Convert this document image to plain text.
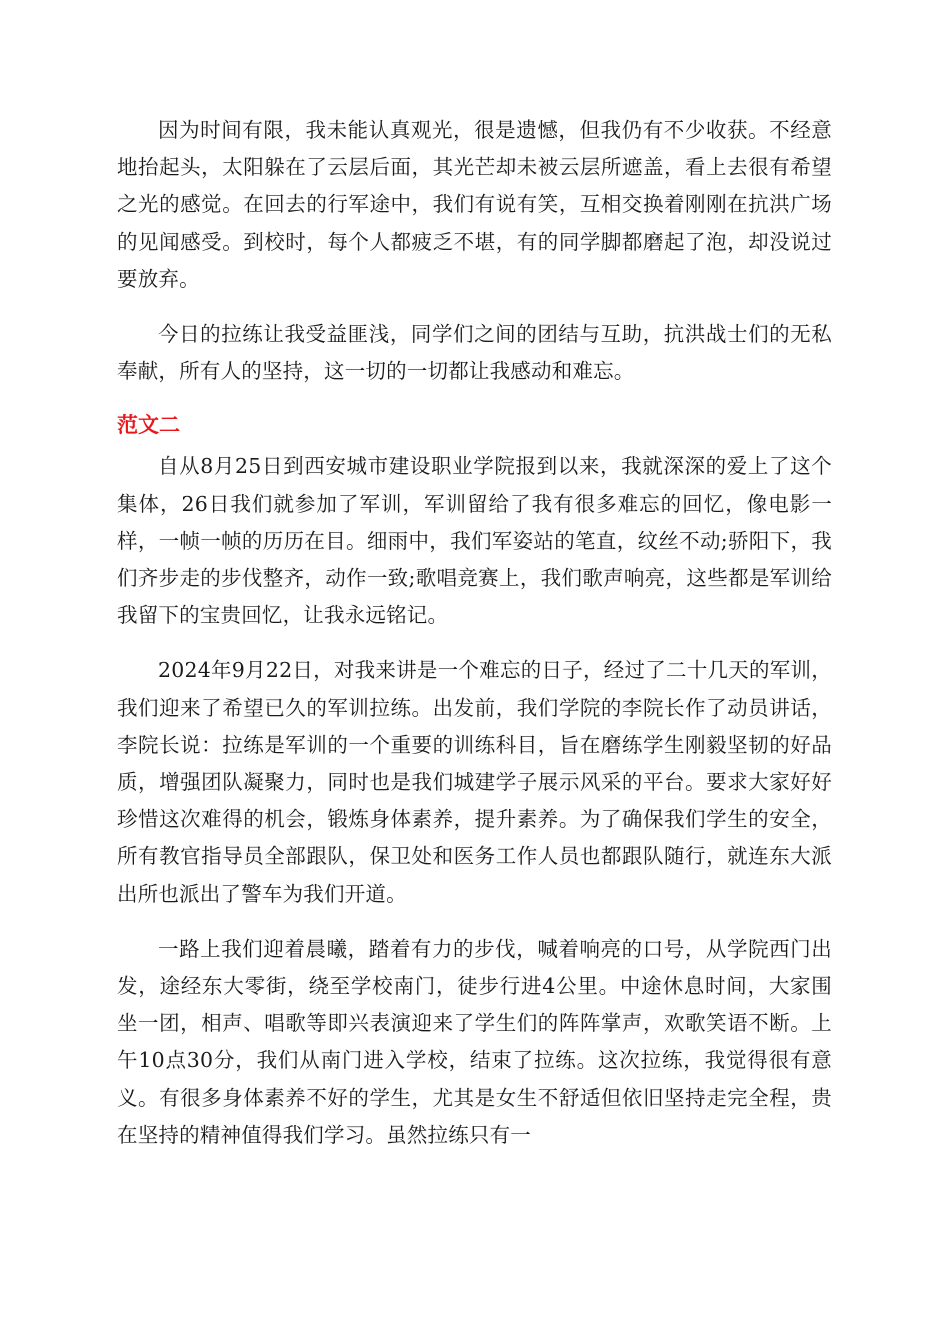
因为时间有限，我未能认真观光，很是遗憾，但我仍有不少收获。不经意地抬起头，太阳躲在了云层后面，其光芒却未被云层所遮盖，看上去很有希望之光的感觉。在回去的行军途中，我们有说有笑，互相交换着刚刚在抗洪广场的见闻感受。到校时，每个人都疲乏不堪，有的同学脚都磨起了泡，却没说过要放弃。

今日的拉练让我受益匪浅，同学们之间的团结与互助，抗洪战士们的无私奉献，所有人的坚持，这一切的一切都让我感动和难忘。

范文二

自从8月25日到西安城市建设职业学院报到以来，我就深深的爱上了这个集体，26日我们就参加了军训，军训留给了我有很多难忘的回忆，像电影一样，一帧一帧的历历在目。细雨中，我们军姿站的笔直，纹丝不动;骄阳下，我们齐步走的步伐整齐，动作一致;歌唱竞赛上，我们歌声响亮，这些都是军训给我留下的宝贵回忆，让我永远铭记。

2024年9月22日，对我来讲是一个难忘的日子，经过了二十几天的军训，我们迎来了希望已久的军训拉练。出发前，我们学院的李院长作了动员讲话，李院长说：拉练是军训的一个重要的训练科目，旨在磨练学生刚毅坚韧的好品质，增强团队凝聚力，同时也是我们城建学子展示风采的平台。要求大家好好珍惜这次难得的机会，锻炼身体素养，提升素养。为了确保我们学生的安全，所有教官指导员全部跟队，保卫处和医务工作人员也都跟队随行，就连东大派出所也派出了警车为我们开道。

一路上我们迎着晨曦，踏着有力的步伐，喊着响亮的口号，从学院西门出发，途经东大零街，绕至学校南门，徒步行进4公里。中途休息时间，大家围坐一团，相声、唱歌等即兴表演迎来了学生们的阵阵掌声，欢歌笑语不断。上午10点30分，我们从南门进入学校，结束了拉练。这次拉练，我觉得很有意义。有很多身体素养不好的学生，尤其是女生不舒适但依旧坚持走完全程，贵在坚持的精神值得我们学习。虽然拉练只有一
